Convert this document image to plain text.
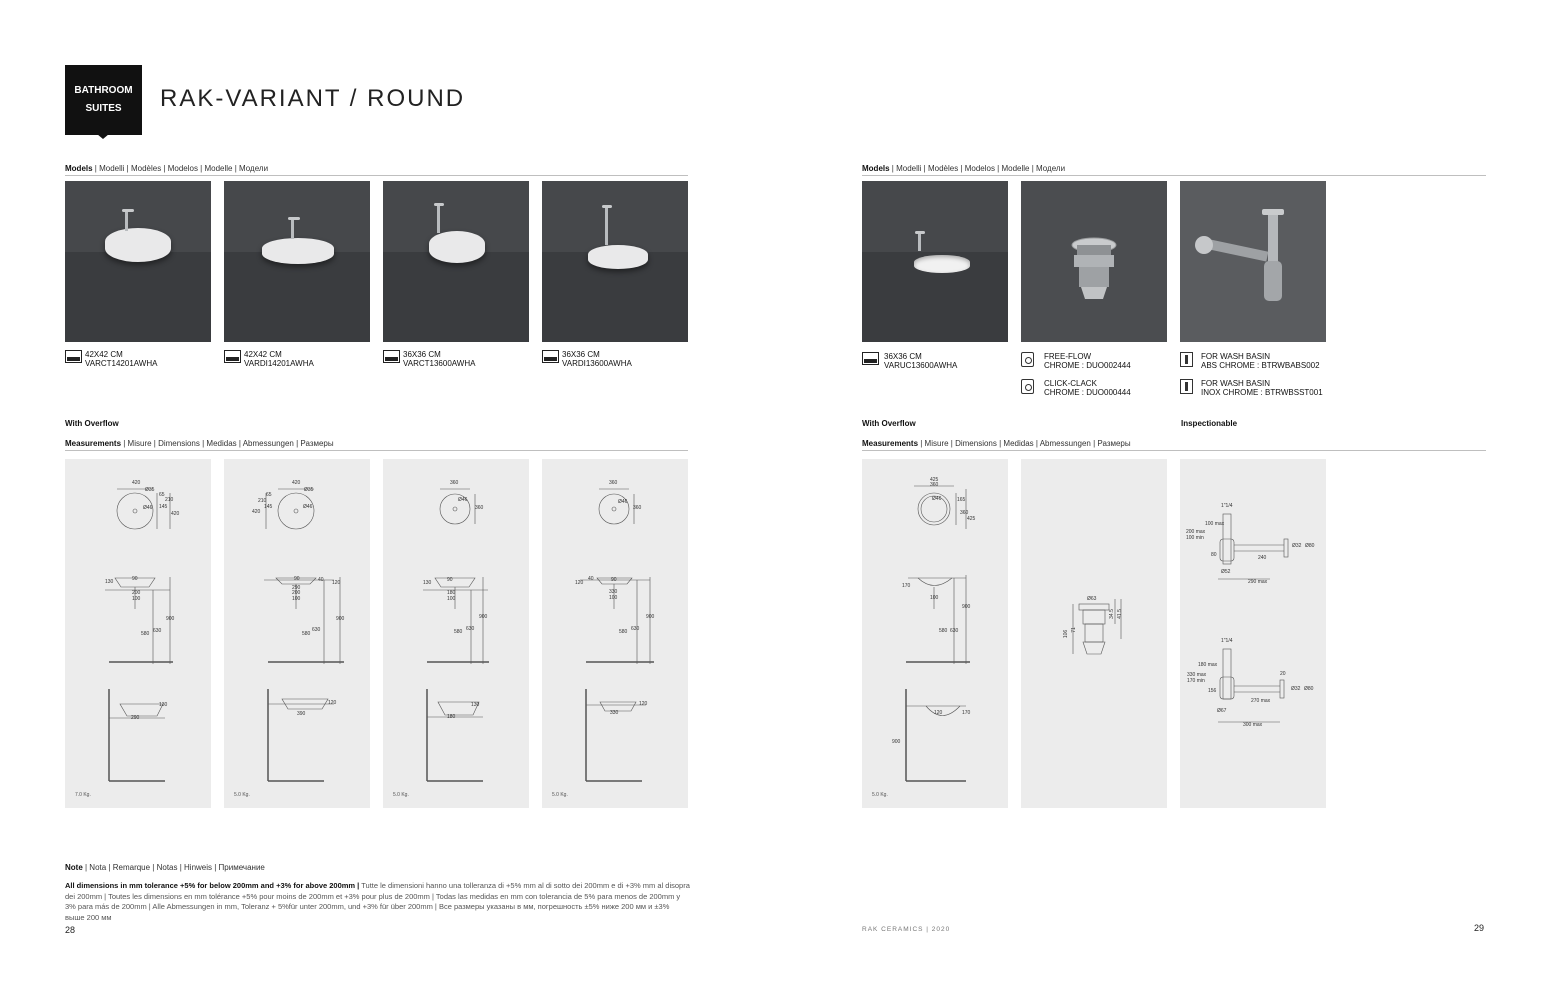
BATHROOM
SUITES	RAK-VARIANT / ROUND
Models | Modelli | Modèles | Modelos | Modelle | Модели
42X42 CM
VARCT14201AWHA
42X42 CM
VARDI14201AWHA
36X36 CM
VARCT13600AWHA
36X36 CM
VARDI13600AWHA
With Overflow
Measurements | Misure | Dimensions | Medidas | Abmessungen | Размеры
420
Ø35
65
145
210
Ø46
420
130	90
200
100
580 630
900
130
290
7.0 Kg.
420
Ø35
65
210
145	Ø46
420
90	40 120
290
200
100
580
630
900
120
390
5.0 Kg.
360
Ø46
360
130	90
180
100
580 630
900
130
180
5.0 Kg.
360
Ø46
360
120
40	90
330
100
580 630
900
120
330
5.0 Kg.
Note | Nota | Remarque | Notas | Hinweis | Примечание
All dimensions in mm tolerance +5% for below 200mm and +3% for above 200mm | Tutte le dimensioni hanno una tolleranza di +5% mm al di sotto dei 200mm e di +3% mm al disopra dei 200mm | Toutes les dimensions en mm tolérance +5% pour moins de 200mm et +3% pour plus de 200mm | Todas las medidas en mm con tolerancia de 5% para menos de 200mm y 3% para más de 200mm | Alle Abmessungen in mm, Toleranz + 5%für unter 200mm, und +3% für über 200mm | Все размеры указаны в мм, погрешность ±5% ниже 200 мм и ±3% выше 200 мм
28
Models | Modelli | Modèles | Modelos | Modelle | Модели
36X36 CM
VARUC13600AWHA
FREE-FLOW
CHROME : DUO002444
CLICK-CLACK
CHROME : DUO000444
FOR WASH BASIN
ABS CHROME : BTRWBABS002
FOR WASH BASIN
INOX CHROME : BTRWBSST001
With Overflow	Inspectionable
Measurements | Misure | Dimensions | Medidas | Abmessungen | Размеры
425
360
Ø46	165
360
425
170
100
580 630
900
900
120	170
5.0 Kg.
Ø63
34.5 41.5
106 71
1"1/4
100 max
200 max
100 min
80
Ø32 Ø80
240
Ø52
290 max
1"1/4
180 max
330 max
170 min
156
20
Ø32 Ø80
270 max
Ø67
300 max
RAK CERAMICS | 2020	29
